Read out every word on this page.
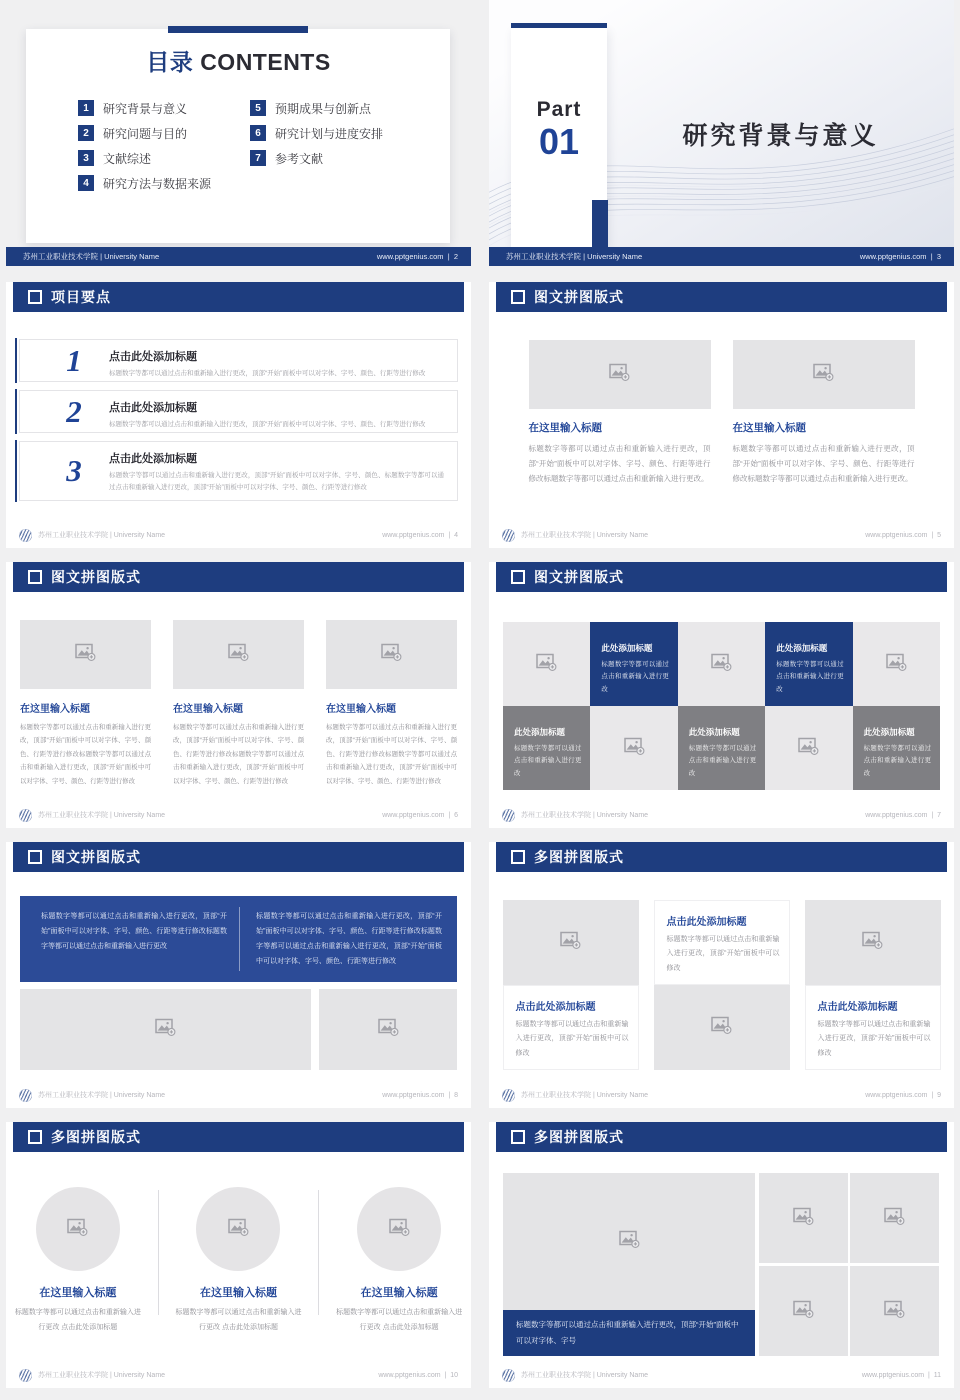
目录 CONTENTS
1	研究背景与意义
2	研究问题与目的
3	文献综述
4	研究方法与数据来源
5	预期成果与创新点
6	研究计划与进度安排
7	参考文献
苏州工业职业技术学院 | University Name	www.pptgenius.com | 2
Part
01	研究背景与意义
苏州工业职业技术学院 | University Name	www.pptgenius.com | 3
项目要点
1	点击此处添加标题
标题数字等都可以通过点击和重新输入进行更改，顶部“开始”面板中可以对字体、字号、颜色、行距等进行修改
2	点击此处添加标题
标题数字等都可以通过点击和重新输入进行更改，顶部“开始”面板中可以对字体、字号、颜色、行距等进行修改
3	点击此处添加标题
标题数字等都可以通过点击和重新输入进行更改，顶部“开始”面板中可以对字体、字号、颜色、标题数字等都可以通过点击和重新输入进行更改，顶部“开始”面板中可以对字体、字号、颜色、行距等进行修改
苏州工业职业技术学院 | University Name	www.pptgenius.com | 4
图文拼图版式
在这里输入标题
标题数字等都可以通过点击和重新输入进行更改，顶部“开始”面板中可以对字体、字号、颜色、行距等进行修改标题数字等都可以通过点击和重新输入进行更改。
在这里输入标题
标题数字等都可以通过点击和重新输入进行更改，顶部“开始”面板中可以对字体、字号、颜色、行距等进行修改标题数字等都可以通过点击和重新输入进行更改。
苏州工业职业技术学院 | University Name	www.pptgenius.com | 5
图文拼图版式
在这里输入标题
标题数字等都可以通过点击和重新输入进行更改，顶部“开始”面板中可以对字体、字号、颜色、行距等进行修改标题数字等都可以通过点击和重新输入进行更改，顶部“开始”面板中可以对字体、字号、颜色、行距等进行修改
在这里输入标题
标题数字等都可以通过点击和重新输入进行更改，顶部“开始”面板中可以对字体、字号、颜色、行距等进行修改标题数字等都可以通过点击和重新输入进行更改，顶部“开始”面板中可以对字体、字号、颜色、行距等进行修改
在这里输入标题
标题数字等都可以通过点击和重新输入进行更改，顶部“开始”面板中可以对字体、字号、颜色、行距等进行修改标题数字等都可以通过点击和重新输入进行更改，顶部“开始”面板中可以对字体、字号、颜色、行距等进行修改
苏州工业职业技术学院 | University Name	www.pptgenius.com | 6
图文拼图版式
此处添加标题
标题数字等都可以通过点击和重新输入进行更改
此处添加标题
标题数字等都可以通过点击和重新输入进行更改
此处添加标题
标题数字等都可以通过点击和重新输入进行更改
此处添加标题
标题数字等都可以通过点击和重新输入进行更改
此处添加标题
标题数字等都可以通过点击和重新输入进行更改
苏州工业职业技术学院 | University Name	www.pptgenius.com | 7
图文拼图版式
标题数字等都可以通过点击和重新输入进行更改，顶部“开始”面板中可以对字体、字号、颜色、行距等进行修改标题数字等都可以通过点击和重新输入进行更改
标题数字等都可以通过点击和重新输入进行更改，顶部“开始”面板中可以对字体、字号、颜色、行距等进行修改标题数字等都可以通过点击和重新输入进行更改，顶部“开始”面板中可以对字体、字号、颜色、行距等进行修改
苏州工业职业技术学院 | University Name	www.pptgenius.com | 8
多图拼图版式
点击此处添加标题
标题数字等都可以通过点击和重新输入进行更改，顶部“开始”面板中可以修改
点击此处添加标题
标题数字等都可以通过点击和重新输入进行更改，顶部“开始”面板中可以修改
点击此处添加标题
标题数字等都可以通过点击和重新输入进行更改，顶部“开始”面板中可以修改
苏州工业职业技术学院 | University Name	www.pptgenius.com | 9
多图拼图版式
在这里输入标题
标题数字等都可以通过点击和重新输入进行更改 点击此处添加标题
在这里输入标题
标题数字等都可以通过点击和重新输入进行更改 点击此处添加标题
在这里输入标题
标题数字等都可以通过点击和重新输入进行更改 点击此处添加标题
苏州工业职业技术学院 | University Name	www.pptgenius.com | 10
多图拼图版式
标题数字等都可以通过点击和重新输入进行更改，顶部“开始”面板中可以对字体、字号
苏州工业职业技术学院 | University Name	www.pptgenius.com | 11
